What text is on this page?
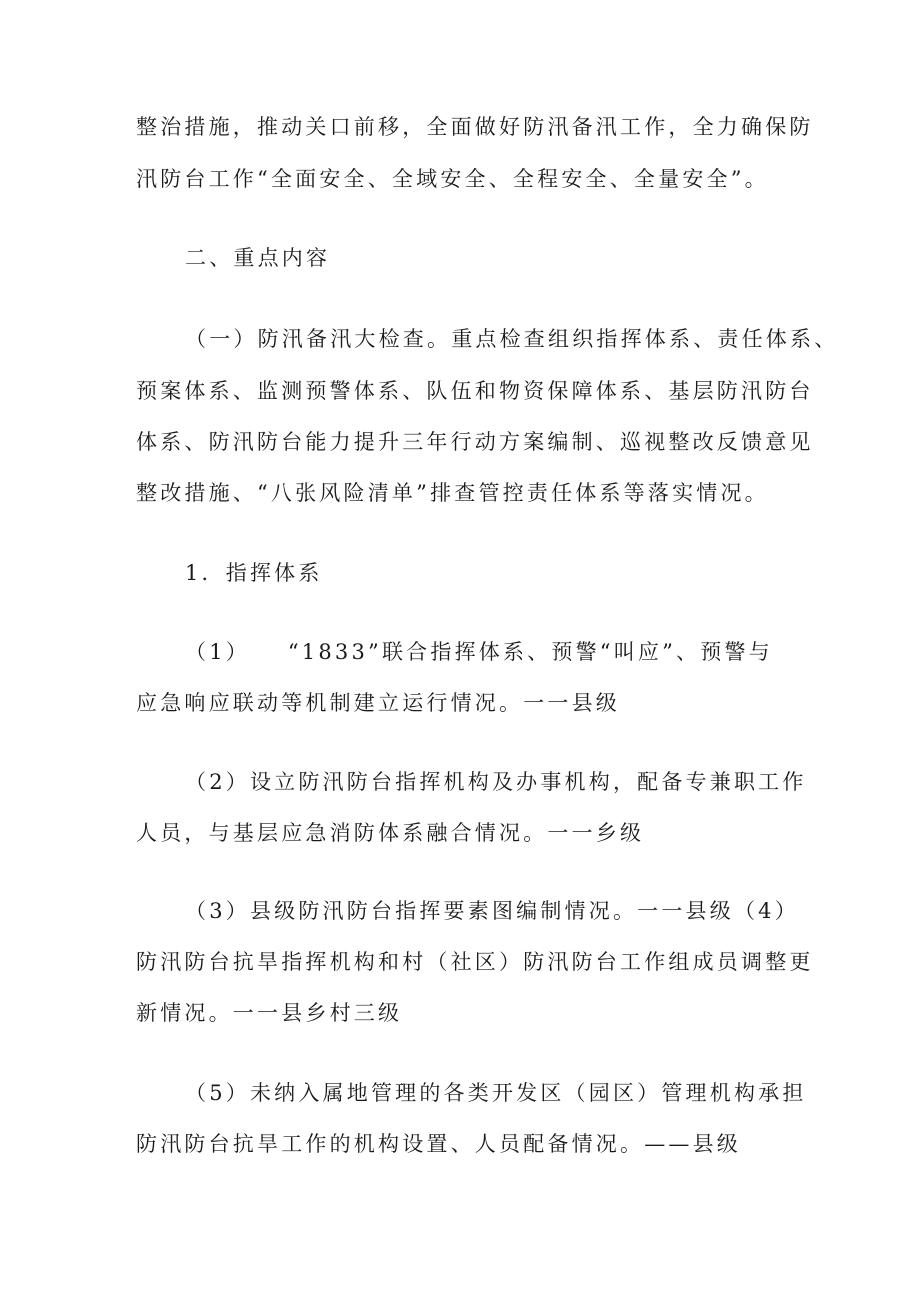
整治措施，推动关口前移，全面做好防汛备汛工作，全力确保防
汛防台工作“全面安全、全域安全、全程安全、全量安全”。
二、重点内容
（一）防汛备汛大检查。重点检查组织指挥体系、责任体系、
预案体系、监测预警体系、队伍和物资保障体系、基层防汛防台
体系、防汛防台能力提升三年行动方案编制、巡视整改反馈意见
整改措施、“八张风险清单”排查管控责任体系等落实情况。
1．指挥体系
（1）　　“1833”联合指挥体系、预警“叫应”、预警与
应急响应联动等机制建立运行情况。一一县级
（2）设立防汛防台指挥机构及办事机构，配备专兼职工作
人员，与基层应急消防体系融合情况。一一乡级
（3）县级防汛防台指挥要素图编制情况。一一县级（4）
防汛防台抗旱指挥机构和村（社区）防汛防台工作组成员调整更
新情况。一一县乡村三级
（5）未纳入属地管理的各类开发区（园区）管理机构承担
防汛防台抗旱工作的机构设置、人员配备情况。——县级
